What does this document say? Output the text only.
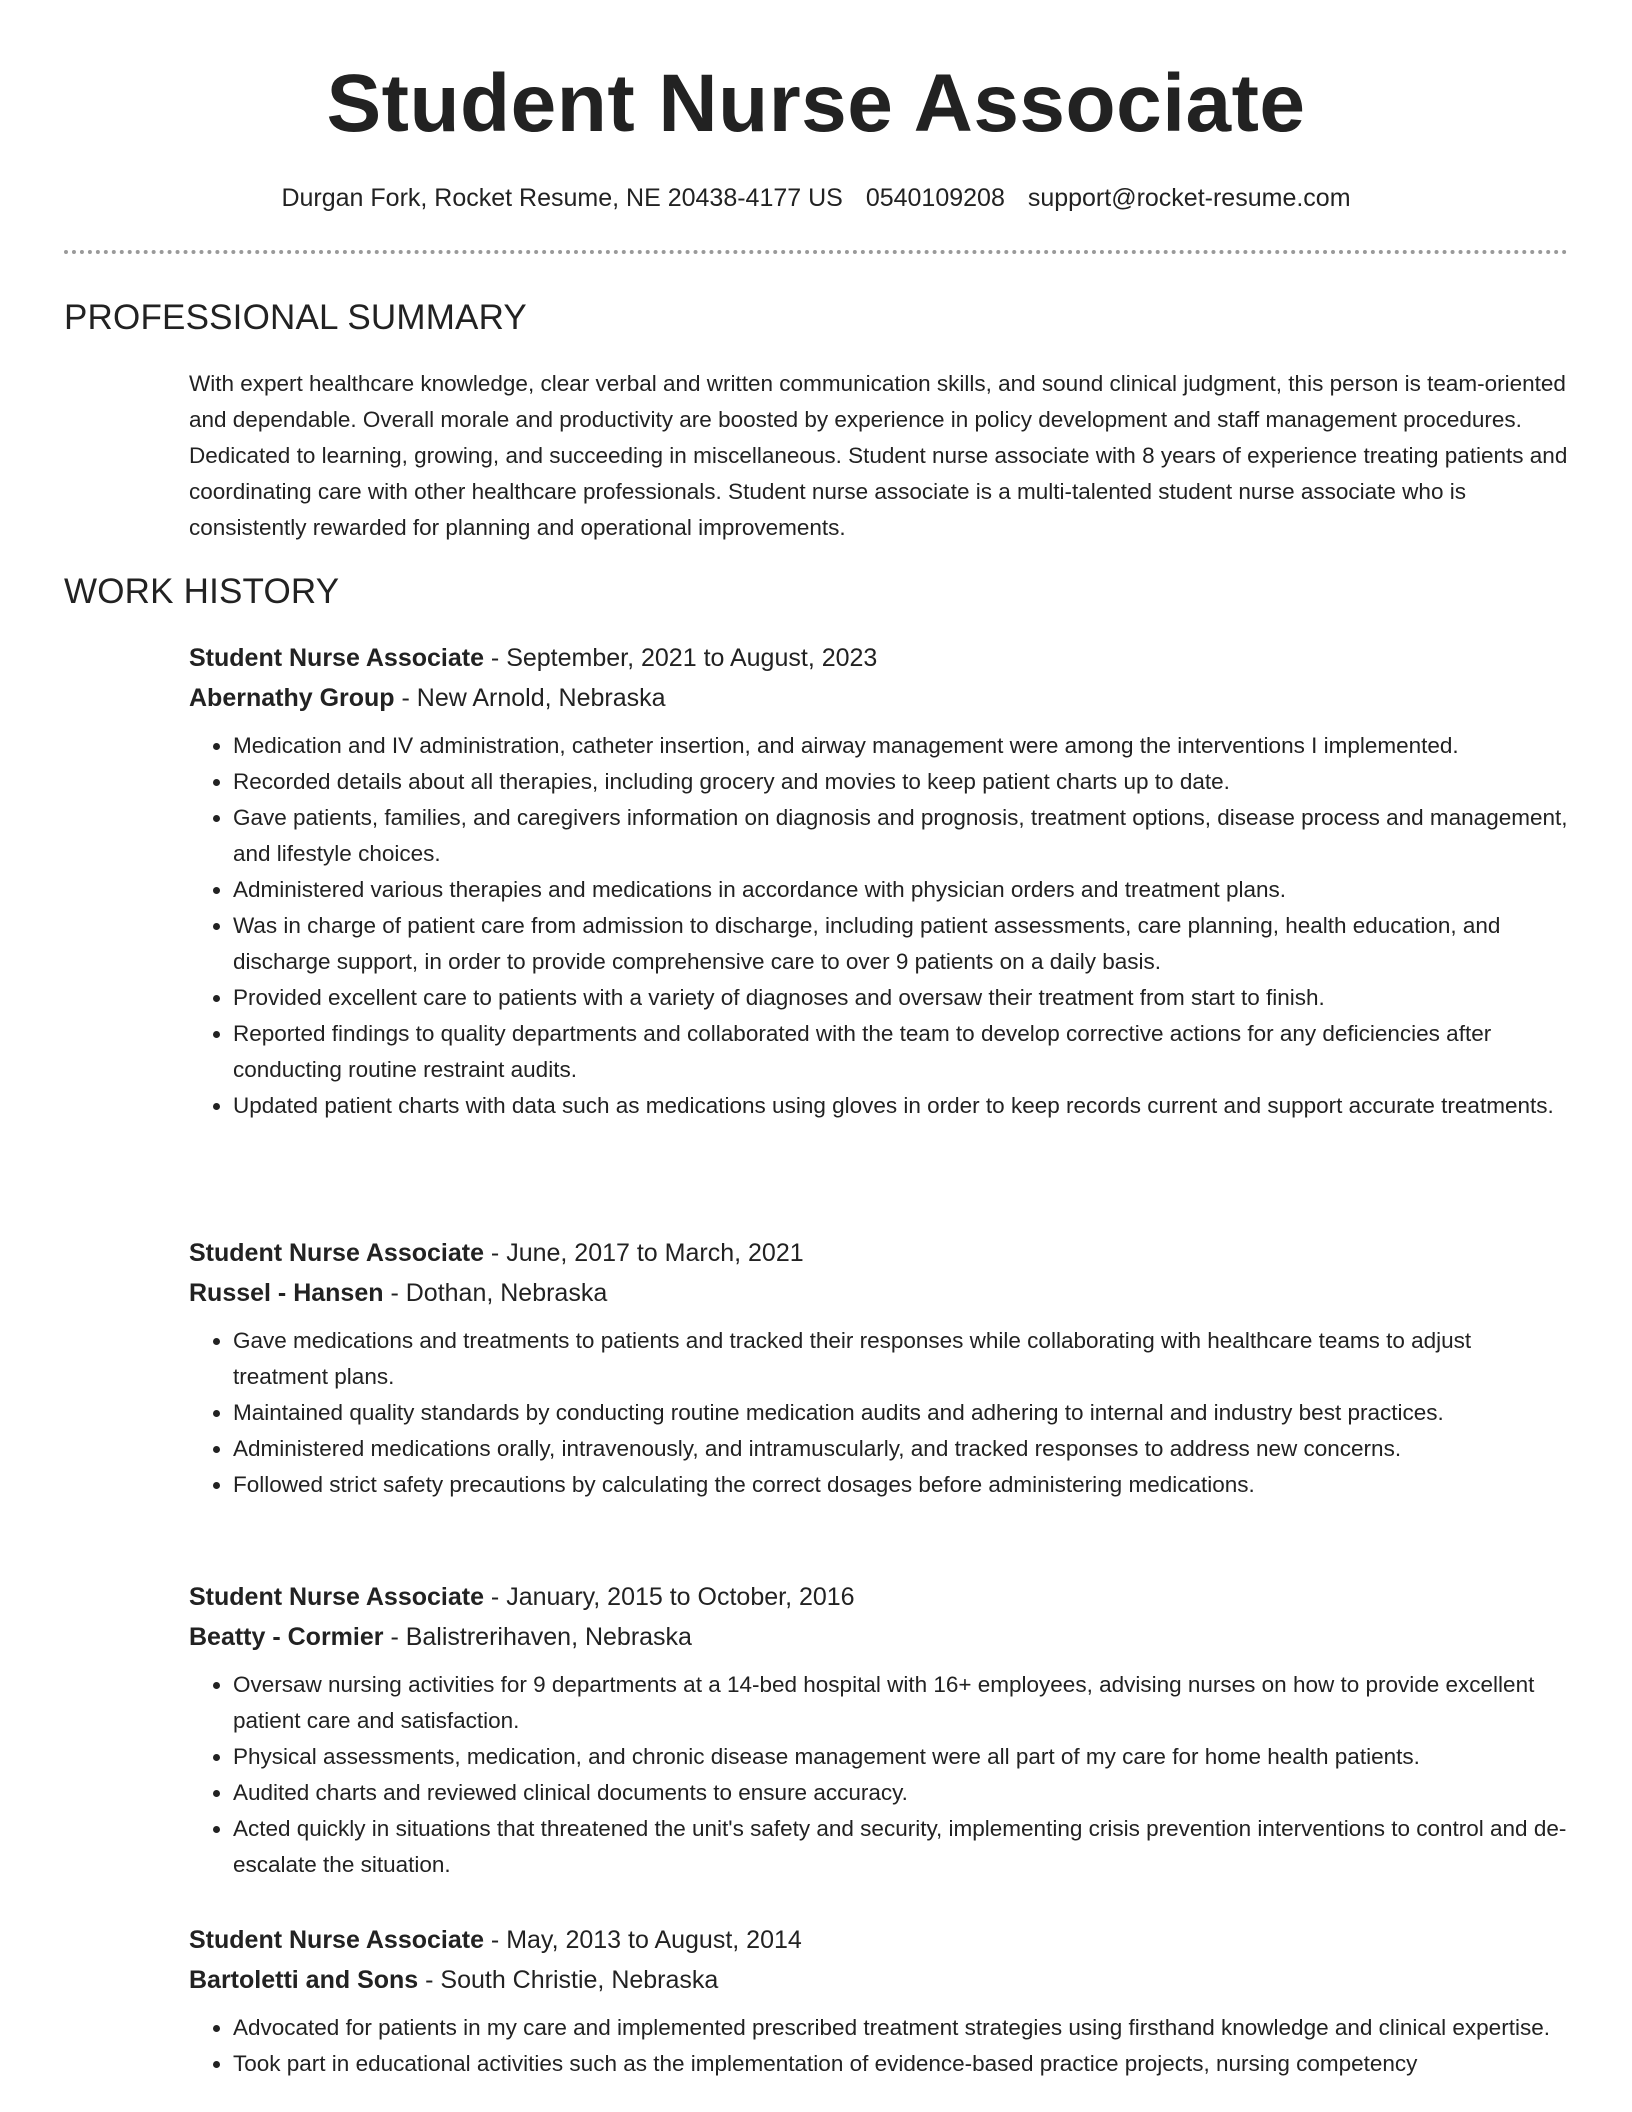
Student Nurse Associate
Durgan Fork, Rocket Resume, NE 20438-4177 US 0540109208 support@rocket-resume.com
PROFESSIONAL SUMMARY

With expert healthcare knowledge, clear verbal and written communication skills, and sound clinical judgment, this person is team-oriented and dependable. Overall morale and productivity are boosted by experience in policy development and staff management procedures. Dedicated to learning, growing, and succeeding in miscellaneous. Student nurse associate with 8 years of experience treating patients and coordinating care with other healthcare professionals. Student nurse associate is a multi-talented student nurse associate who is consistently rewarded for planning and operational improvements.

WORK HISTORY
Student Nurse Associate - September, 2021 to August, 2023
Abernathy Group - New Arnold, Nebraska
• Medication and IV administration, catheter insertion, and airway management were among the interventions I implemented.
• Recorded details about all therapies, including grocery and movies to keep patient charts up to date.
• Gave patients, families, and caregivers information on diagnosis and prognosis, treatment options, disease process and management, and lifestyle choices.
• Administered various therapies and medications in accordance with physician orders and treatment plans.
• Was in charge of patient care from admission to discharge, including patient assessments, care planning, health education, and discharge support, in order to provide comprehensive care to over 9 patients on a daily basis.
• Provided excellent care to patients with a variety of diagnoses and oversaw their treatment from start to finish.
• Reported findings to quality departments and collaborated with the team to develop corrective actions for any deficiencies after conducting routine restraint audits.
• Updated patient charts with data such as medications using gloves in order to keep records current and support accurate treatments.
Student Nurse Associate - June, 2017 to March, 2021
Russel - Hansen - Dothan, Nebraska
• Gave medications and treatments to patients and tracked their responses while collaborating with healthcare teams to adjust treatment plans.
• Maintained quality standards by conducting routine medication audits and adhering to internal and industry best practices.
• Administered medications orally, intravenously, and intramuscularly, and tracked responses to address new concerns.
• Followed strict safety precautions by calculating the correct dosages before administering medications.
Student Nurse Associate - January, 2015 to October, 2016
Beatty - Cormier - Balistrerihaven, Nebraska
• Oversaw nursing activities for 9 departments at a 14-bed hospital with 16+ employees, advising nurses on how to provide excellent patient care and satisfaction.
• Physical assessments, medication, and chronic disease management were all part of my care for home health patients.
• Audited charts and reviewed clinical documents to ensure accuracy.
• Acted quickly in situations that threatened the unit's safety and security, implementing crisis prevention interventions to control and de-escalate the situation.
Student Nurse Associate - May, 2013 to August, 2014
Bartoletti and Sons - South Christie, Nebraska
• Advocated for patients in my care and implemented prescribed treatment strategies using firsthand knowledge and clinical expertise.
• Took part in educational activities such as the implementation of evidence-based practice projects, nursing competency
